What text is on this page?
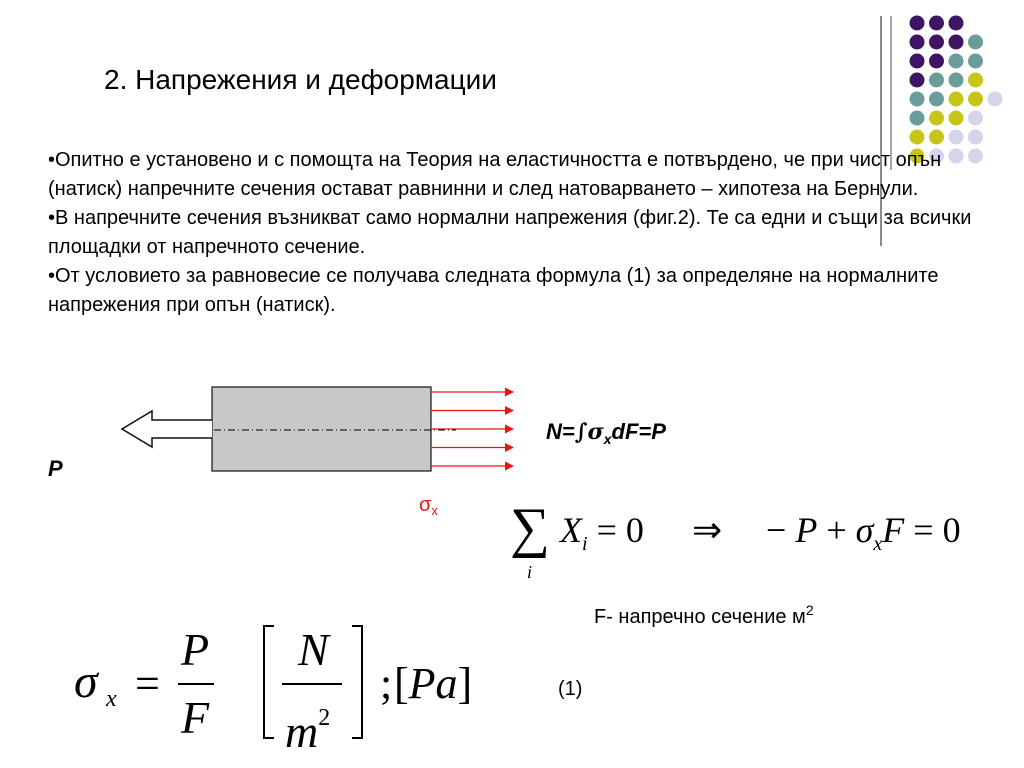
2. Напрежения и деформации

•Опитно е установено и с помощта на Теория на еластичността е потвърдено, че при чист опън (натиск) напречните сечения остават равнинни и след натоварването – хипотеза на Бернули.

•В напречните сечения възникват само нормални напрежения (фиг.2). Те са едни и същи за всички площадки от напречното сечение.

•От условието за равновесие се получава следната формула (1) за определяне на нормалните напрежения при опън (натиск).

$N=\int\sigma_xdF=P$
P
$\sigma_x$ ∑
i
$X_i = 0$ ⇒ − $P + \sigma_xF = 0$
F- напречно сечение $м^2$
σ x =
P
F
N
$m^2$
; [Pa]	(1)
